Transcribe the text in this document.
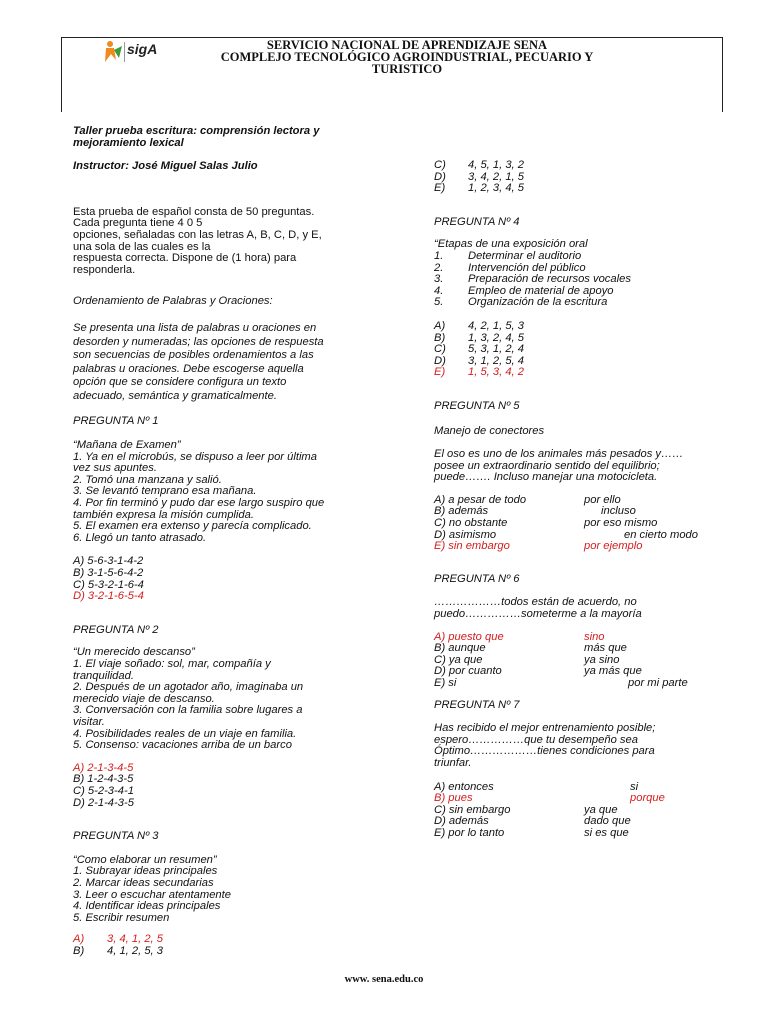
sigA	SERVICIO NACIONAL DE APRENDIZAJE SENA
COMPLEJO TECNOLÓGICO AGROINDUSTRIAL, PECUARIO Y
TURISTICO

Taller prueba escritura: comprensión lectora y

mejoramiento lexical

Instructor: José Miguel Salas Julio

Esta prueba de español consta de 50 preguntas.

Cada pregunta tiene 4 0 5

opciones, señaladas con las letras A, B, C, D, y E,

una sola de las cuales es la

respuesta correcta. Dispone de (1 hora) para

responderla.

Ordenamiento de Palabras y Oraciones:

Se presenta una lista de palabras u oraciones en

desorden y numeradas; las opciones de respuesta

son secuencias de posibles ordenamientos a las

palabras u oraciones. Debe escogerse aquella

opción que se considere configura un texto

adecuado, semántica y gramaticalmente.

PREGUNTA Nº 1

“Mañana de Examen”

1. Ya en el microbús, se dispuso a leer por última

vez sus apuntes.

2. Tomó una manzana y salió.

3. Se levantó temprano esa mañana.

4. Por fin terminó y pudo dar ese largo suspiro que

también expresa la misión cumplida.

5. El examen era extenso y parecía complicado.

6. Llegó un tanto atrasado.

A) 5-6-3-1-4-2

B) 3-1-5-6-4-2

C) 5-3-2-1-6-4

D) 3-2-1-6-5-4

PREGUNTA Nº 2

“Un merecido descanso”

1. El viaje soñado: sol, mar, compañía y

tranquilidad.

2. Después de un agotador año, imaginaba un

merecido viaje de descanso.

3. Conversación con la familia sobre lugares a

visitar.

4. Posibilidades reales de un viaje en familia.

5. Consenso: vacaciones arriba de un barco

A) 2-1-3-4-5

B) 1-2-4-3-5

C) 5-2-3-4-1

D) 2-1-4-3-5

PREGUNTA Nº 3

“Como elaborar un resumen”

1. Subrayar ideas principales

2. Marcar ideas secundarias

3. Leer o escuchar atentamente

4. Identificar ideas principales

5. Escribir resumen

A)	3, 4, 1, 2, 5
B)	4, 1, 2, 5, 3
C)	4, 5, 1, 3, 2
D)	3, 4, 2, 1, 5
E)	1, 2, 3, 4, 5

PREGUNTA Nº 4

“Etapas de una exposición oral

1.	Determinar el auditorio
2.	Intervención del público
3.	Preparación de recursos vocales
4.	Empleo de material de apoyo
5.	Organización de la escritura
A)	4, 2, 1, 5, 3
B)	1, 3, 2, 4, 5
C)	5, 3, 1, 2, 4
D)	3, 1, 2, 5, 4
E)	1, 5, 3, 4, 2

PREGUNTA Nº 5

Manejo de conectores

El oso es uno de los animales más pesados y……

posee un extraordinario sentido del equilibrio;

puede……. Incluso manejar una motocicleta.

A) a pesar de todo	por ello
B) además	incluso
C) no obstante	por eso mismo
D) asimismo	en cierto modo
E) sin embargo	por ejemplo

PREGUNTA Nº 6

………………todos están de acuerdo, no

puedo……………sometermе a la mayoría

A) puesto que	sino
B) aunque	más que
C) ya que	ya sino
D) por cuanto	ya más que
E) si	por mi parte

PREGUNTA Nº 7

Has recibido el mejor entrenamiento posible;

espero……………que tu desempeño sea

Óptimo………………tienes condiciones para

triunfar.

A) entonces	si
B) pues	porque
C) sin embargo	ya que
D) además	dado que
E) por lo tanto	si es que
www. sena.edu.co
